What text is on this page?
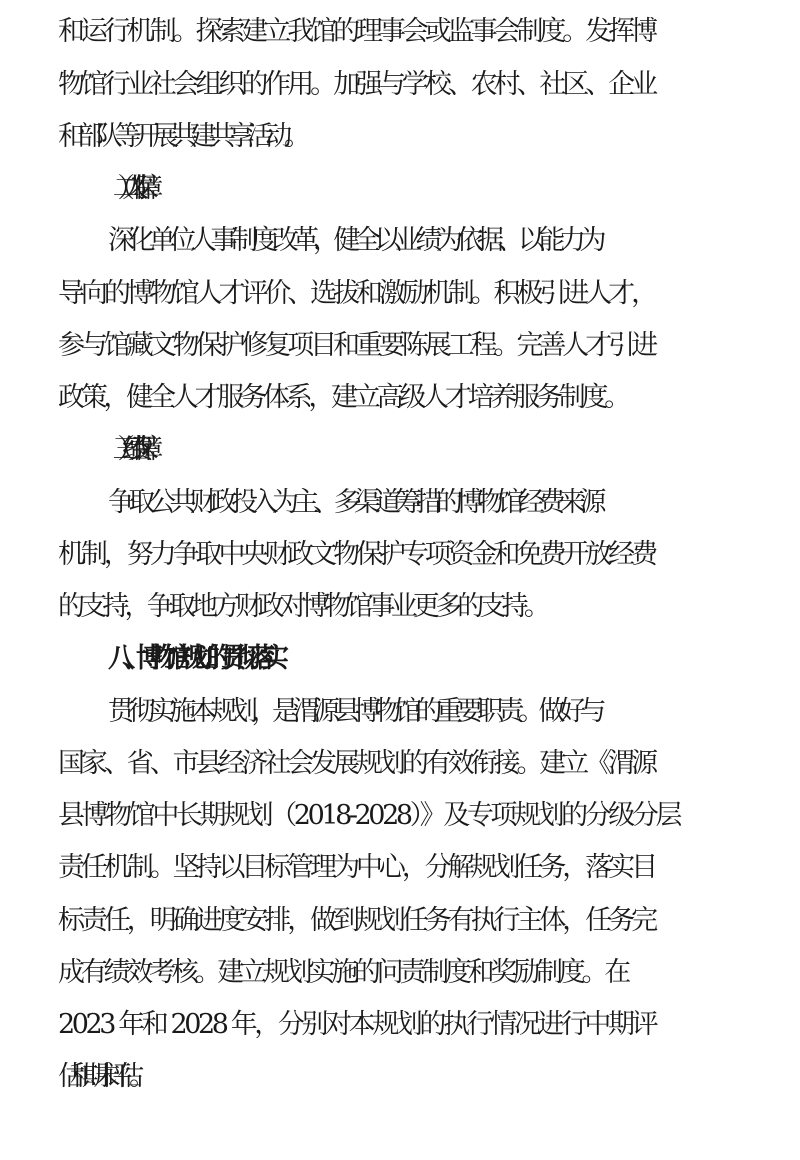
和运行机制。探索建立我馆的理事会或监事会制度。发挥博

物馆行业社会组织的作用。加强与学校、农村、社区、企业

和部队等开展共建共享活动。

（二）人才保障

深化单位人事制度改革，健全以业绩为依据、以能力为

导向的博物馆人才评价、选拔和激励机制。积极引进人才，

参与馆藏文物保护修复项目和重要陈展工程。完善人才引进

政策，健全人才服务体系，建立高级人才培养服务制度。

（三）经费保障

争取公共财政投入为主、多渠道筹措的博物馆经费来源

机制，努力争取中央财政文物保护专项资金和免费开放经费

的支持，争取地方财政对博物馆事业更多的支持。

八、博物馆规划的贯彻落实

贯彻实施本规划，是渭源县博物馆的重要职责。做好与

国家、省、市县经济社会发展规划的有效衔接。建立《渭源

县博物馆中长期规划（2018-2028）》及专项规划的分级分层

责任机制。坚持以目标管理为中心，分解规划任务，落实目

标责任，明确进度安排，做到规划任务有执行主体，任务完

成有绩效考核。建立规划实施的问责制度和奖励制度。在

2023 年和 2028 年，分别对本规划的执行情况进行中期评

估和期末评估。
